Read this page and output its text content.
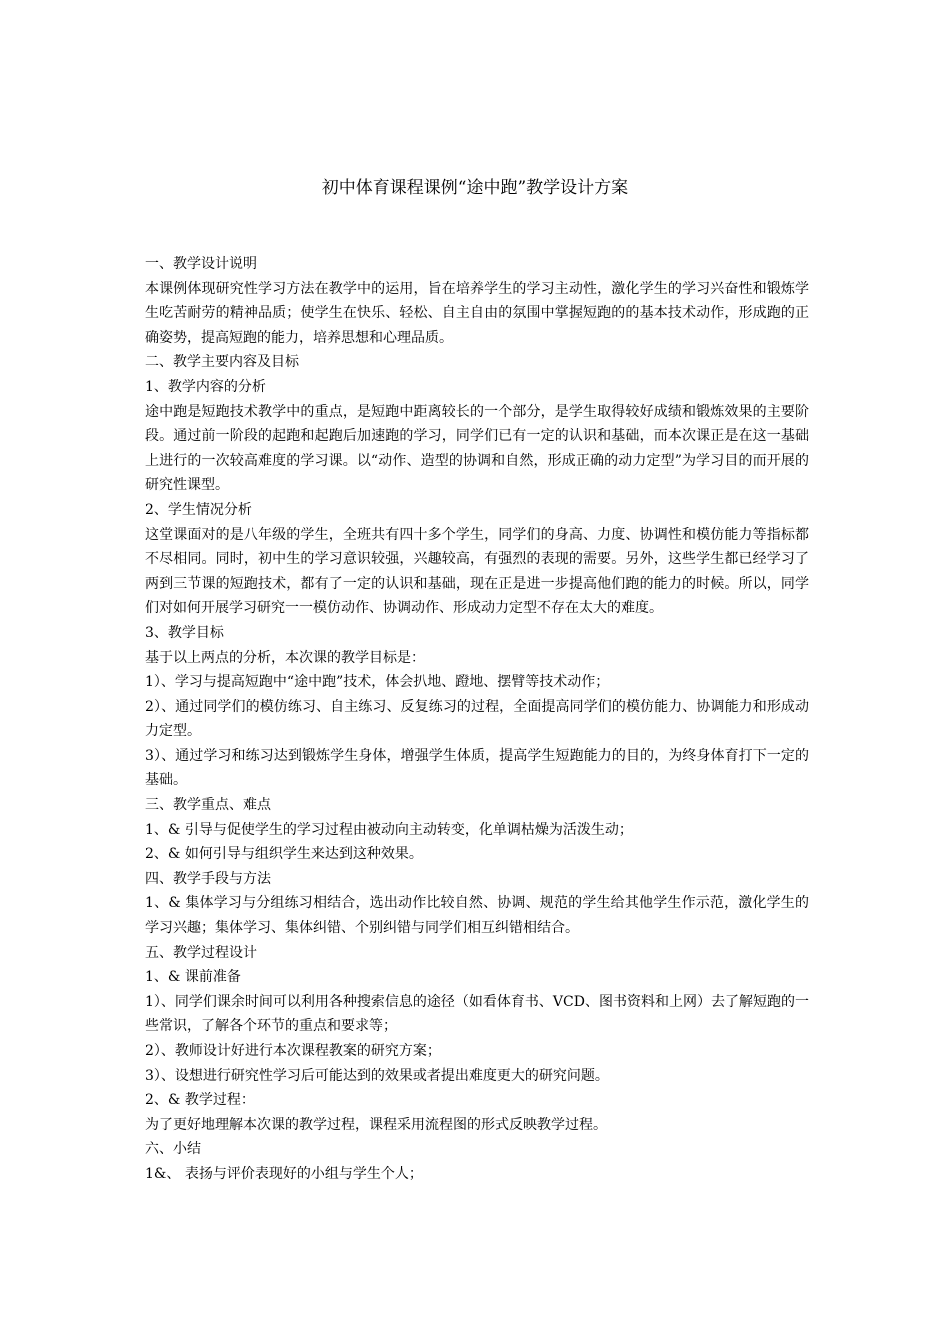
初中体育课程课例“途中跑”教学设计方案

一、教学设计说明

本课例体现研究性学习方法在教学中的运用，旨在培养学生的学习主动性，激化学生的学习兴奋性和锻炼学生吃苦耐劳的精神品质；使学生在快乐、轻松、自主自由的氛围中掌握短跑的的基本技术动作，形成跑的正确姿势，提高短跑的能力，培养思想和心理品质。

二、教学主要内容及目标

1、教学内容的分析

途中跑是短跑技术教学中的重点，是短跑中距离较长的一个部分，是学生取得较好成绩和锻炼效果的主要阶段。通过前一阶段的起跑和起跑后加速跑的学习，同学们已有一定的认识和基础，而本次课正是在这一基础上进行的一次较高难度的学习课。以“动作、造型的协调和自然，形成正确的动力定型”为学习目的而开展的研究性课型。

2、学生情况分析

这堂课面对的是八年级的学生，全班共有四十多个学生，同学们的身高、力度、协调性和模仿能力等指标都不尽相同。同时，初中生的学习意识较强，兴趣较高，有强烈的表现的需要。另外，这些学生都已经学习了两到三节课的短跑技术，都有了一定的认识和基础，现在正是进一步提高他们跑的能力的时候。所以，同学们对如何开展学习研究一一模仿动作、协调动作、形成动力定型不存在太大的难度。

3、教学目标

基于以上两点的分析，本次课的教学目标是：

1）、学习与提高短跑中“途中跑”技术，体会扒地、蹬地、摆臂等技术动作；

2）、通过同学们的模仿练习、自主练习、反复练习的过程，全面提高同学们的模仿能力、协调能力和形成动力定型。

3）、通过学习和练习达到锻炼学生身体，增强学生体质，提高学生短跑能力的目的，为终身体育打下一定的基础。

三、教学重点、难点

1、& 引导与促使学生的学习过程由被动向主动转变，化单调枯燥为活泼生动；

2、& 如何引导与组织学生来达到这种效果。

四、教学手段与方法

1、& 集体学习与分组练习相结合，选出动作比较自然、协调、规范的学生给其他学生作示范，激化学生的学习兴趣；集体学习、集体纠错、个别纠错与同学们相互纠错相结合。

五、教学过程设计

1、& 课前准备

1）、同学们课余时间可以利用各种搜索信息的途径（如看体育书、VCD、图书资料和上网）去了解短跑的一些常识，了解各个环节的重点和要求等；

2）、教师设计好进行本次课程教案的研究方案；

3）、设想进行研究性学习后可能达到的效果或者提出难度更大的研究问题。

2、& 教学过程：

为了更好地理解本次课的教学过程，课程采用流程图的形式反映教学过程。

六、小结

1&、 表扬与评价表现好的小组与学生个人；
